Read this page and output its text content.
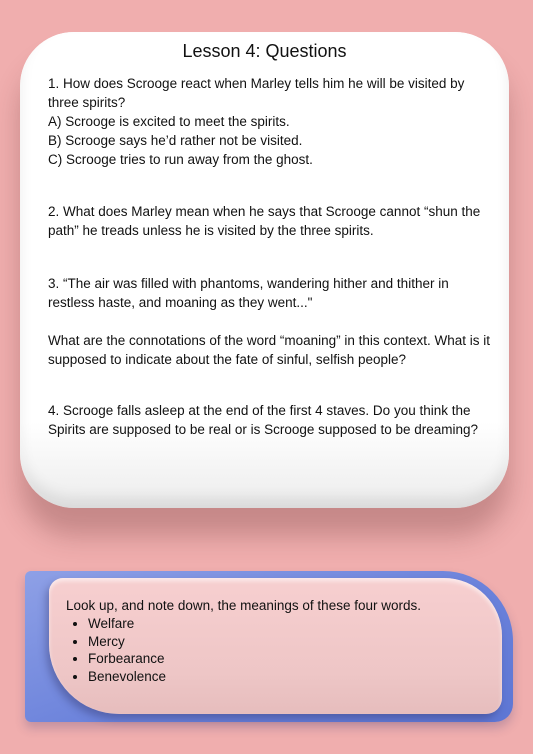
Lesson 4: Questions
1. How does Scrooge react when Marley tells him he will be visited by
three spirits?
A) Scrooge is excited to meet the spirits.
B) Scrooge says he’d rather not be visited.
C) Scrooge tries to run away from the ghost.
2. What does Marley mean when he says that Scrooge cannot “shun the
path” he treads unless he is visited by the three spirits.
3. “The air was filled with phantoms, wandering hither and thither in
restless haste, and moaning as they went..."
What are the connotations of the word “moaning” in this context. What is it
supposed to indicate about the fate of sinful, selfish people?
4. Scrooge falls asleep at the end of the first 4 staves. Do you think the
Spirits are supposed to be real or is Scrooge supposed to be dreaming?
Look up, and note down, the meanings of these four words.
• Welfare
• Mercy
• Forbearance
• Benevolence
